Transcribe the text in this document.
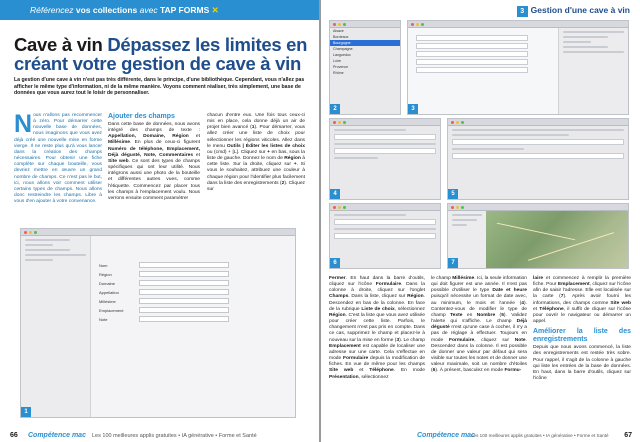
Référencez vos collections avec TAP FORMS ✕
Cave à vin Dépassez les limites en créant votre gestion de cave à vin

La gestion d'une cave à vin n'est pas très différente, dans le principe, d'une bibliothèque. Cependant, vous n'allez pas afficher le même type d'information, ni de la même manière. Voyons comment réaliser, très simplement, une base de données que vous aurez tout le loisir de personnaliser.

N ous n'allons pas recommencer à zéro. Pour démarrer cette nouvelle base de données, nous imaginons que vous avez déjà créé une nouvelle mise en forme vierge. Il ne reste plus qu'à vous lancer dans la création des champs nécessaires. Pour obtenir une fiche complète sur chaque bouteille, vous devriez mettre en œuvre un grand nombre de champs. Ce n'est pas le but, ici, nous allons voir comment utiliser certains types de champs. Nous allons donc restreindre les champs. Libre à vous d'en ajouter à votre convenance.

Ajouter des champs

Dans cette base de données, nous avons intégré des champs de texte : Appellation, Domaine, Région et Millésime. En plus de ceux-ci figurent Numéro de téléphone, Emplacement, Déjà dégusté, Note, Commentaires et Site web. Ce sont des types de champs spécifiques qui ont leur utilité. Nous intégrons aussi une photo de la bouteille et différentes autres vues, comme l'étiquette. Commencez par placer tous les champs à l'emplacement voulu. Nous verrons ensuite comment paramétrer

chacun d'entre eux. Une fois tous ceux-ci mis en place, cela donne déjà un air de projet bien avancé (1). Pour démarrer, vous allez créer une liste de choix pour sélectionner les régions viticoles. Allez dans le menu Outils | Éditer les listes de choix ou (cmd) + [L]. Cliquez sur + en bas, sous la liste de gauche. Donnez le nom de Région à cette liste. Sur la droite, cliquez sur +. Si vous le souhaitez, attribuez une couleur à chaque région pour l'identifier plus facilement dans la liste des enregistrements (2). Cliquez sur

Nom
Région
Domaine
Appellation
Millésime
Emplacement
Note
1
66 Compétence mac Les 100 meilleures applis gratuites • IA générative • Forme et Santé
3 Gestion d'une cave à vin
Alsace
Bordeaux
Bourgogne
Champagne
Languedoc
Loire
Provence
Rhône
2	3
4	5
6	7

Fermer. En haut dans la barre d'outils, cliquez sur l'icône Formulaire. Dans la colonne à droite, cliquez sur l'onglet Champs. Dans la liste, cliquez sur Région. Descendez en bas de la colonne. En face de la rubrique Liste de choix, sélectionnez Région. C'est la liste que vous avez utilisée pour créer cette liste. Parfois, le changement n'est pas pris en compte. Dans ce cas, supprimez le champ et placez-le à nouveau sur la mise en forme (3). Le champ Emplacement est capable de localiser une adresse sur une carte. Cela s'effectue en mode Formulaire depuis la modification de fiches. En vue de même pour les champs Site web et Téléphone. En mode Présentation, sélectionnez

le champ Millésime. Ici, la seule information qui doit figurer est une année. Il n'est pas possible d'utiliser le type Date et heure puisqu'il nécessite un format de date avec, au minimum, le mois et l'année (4). Contentez-vous de modifier le type de champ Texte en Nombre (5). Validez l'alerte qui s'affiche. Le champ Déjà dégusté n'est qu'une case à cocher, il n'y a pas de réglage à effectuer. Toujours en mode Formulaire, cliquez sur Note. Descendez dans la colonne. Il est possible de donner une valeur par défaut qui sera visible sur toutes les notes et de donner une valeur maximale, soit un nombre d'étoiles (6). À présent, basculez en mode Formu-

laire et commencez à remplir la première fiche. Pour Emplacement, cliquez sur l'icône afin de saisir l'adresse. Elle est localisée sur la carte (7). Après avoir fourni les informations, des champs comme Site web et Téléphone, il suffit de cliquer sur l'icône pour ouvrir le navigateur ou démarrer un appel.

Améliorer la liste des enregistrements

Depuis que nous avons commencé, la liste des enregistrements est restée très sobre. Pour rappel, il s'agit de la colonne à gauche qui liste les entrées de la base de données. En haut, dans la barre d'outils, cliquez sur l'icône

Compétence mac
Les 100 meilleures applis gratuites • IA générative • Forme et Santé 67
